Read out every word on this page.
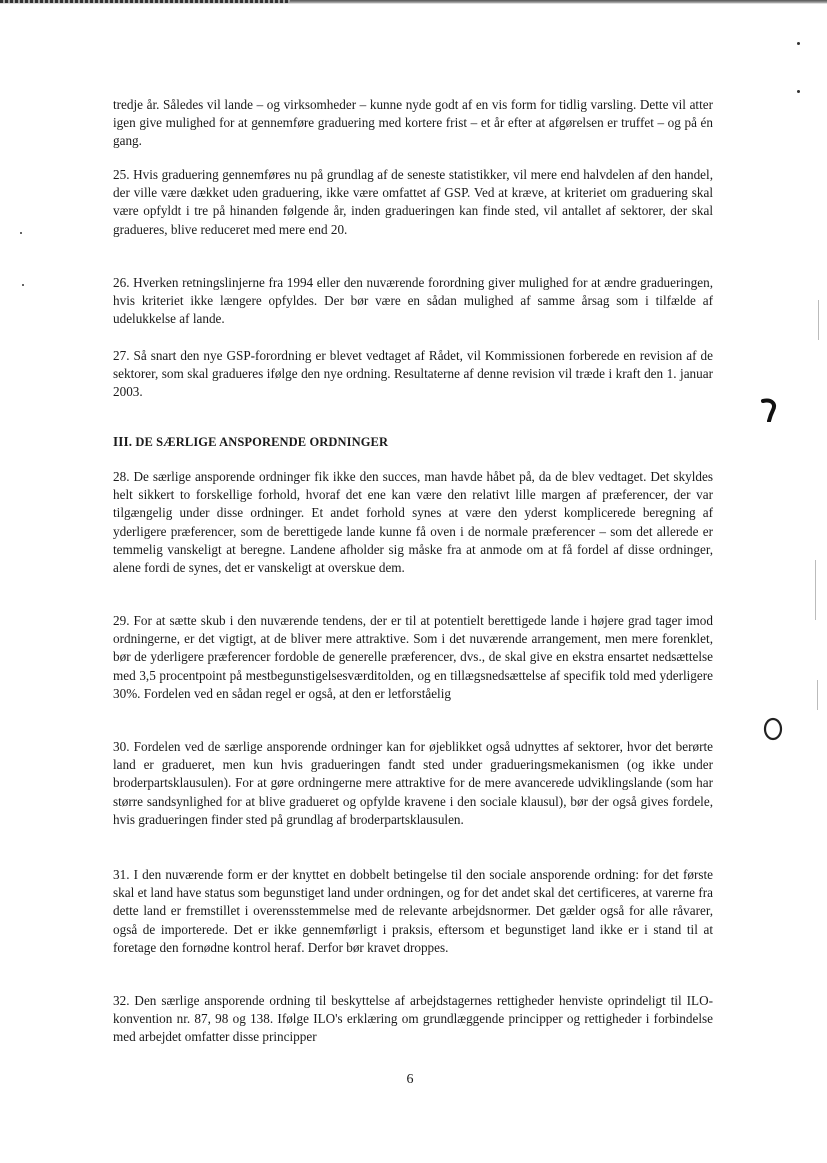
tredje år. Således vil lande – og virksomheder – kunne nyde godt af en vis form for tidlig varsling. Dette vil atter igen give mulighed for at gennemføre graduering med kortere frist – et år efter at afgørelsen er truffet – og på én gang.

25. Hvis graduering gennemføres nu på grundlag af de seneste statistikker, vil mere end halvdelen af den handel, der ville være dækket uden graduering, ikke være omfattet af GSP. Ved at kræve, at kriteriet om graduering skal være opfyldt i tre på hinanden følgende år, inden gradueringen kan finde sted, vil antallet af sektorer, der skal gradueres, blive reduceret med mere end 20.

26. Hverken retningslinjerne fra 1994 eller den nuværende forordning giver mulighed for at ændre gradueringen, hvis kriteriet ikke længere opfyldes. Der bør være en sådan mulighed af samme årsag som i tilfælde af udelukkelse af lande.

27. Så snart den nye GSP-forordning er blevet vedtaget af Rådet, vil Kommissionen forberede en revision af de sektorer, som skal gradueres ifølge den nye ordning. Resultaterne af denne revision vil træde i kraft den 1. januar 2003.

III. DE SÆRLIGE ANSPORENDE ORDNINGER

28. De særlige ansporende ordninger fik ikke den succes, man havde håbet på, da de blev vedtaget. Det skyldes helt sikkert to forskellige forhold, hvoraf det ene kan være den relativt lille margen af præferencer, der var tilgængelig under disse ordninger. Et andet forhold synes at være den yderst komplicerede beregning af yderligere præferencer, som de berettigede lande kunne få oven i de normale præferencer – som det allerede er temmelig vanskeligt at beregne. Landene afholder sig måske fra at anmode om at få fordel af disse ordninger, alene fordi de synes, det er vanskeligt at overskue dem.

29. For at sætte skub i den nuværende tendens, der er til at potentielt berettigede lande i højere grad tager imod ordningerne, er det vigtigt, at de bliver mere attraktive. Som i det nuværende arrangement, men mere forenklet, bør de yderligere præferencer fordoble de generelle præferencer, dvs., de skal give en ekstra ensartet nedsættelse med 3,5 procentpoint på mestbegunstigelsesværditolden, og en tillægsnedsættelse af specifik told med yderligere 30%. Fordelen ved en sådan regel er også, at den er letforståelig

30. Fordelen ved de særlige ansporende ordninger kan for øjeblikket også udnyttes af sektorer, hvor det berørte land er gradueret, men kun hvis gradueringen fandt sted under gradueringsmekanismen (og ikke under broderpartsklausulen). For at gøre ordningerne mere attraktive for de mere avancerede udviklingslande (som har større sandsynlighed for at blive gradueret og opfylde kravene i den sociale klausul), bør der også gives fordele, hvis gradueringen finder sted på grundlag af broderpartsklausulen.

31. I den nuværende form er der knyttet en dobbelt betingelse til den sociale ansporende ordning: for det første skal et land have status som begunstiget land under ordningen, og for det andet skal det certificeres, at varerne fra dette land er fremstillet i overensstemmelse med de relevante arbejdsnormer. Det gælder også for alle råvarer, også de importerede. Det er ikke gennemførligt i praksis, eftersom et begunstiget land ikke er i stand til at foretage den fornødne kontrol heraf. Derfor bør kravet droppes.

32. Den særlige ansporende ordning til beskyttelse af arbejdstagernes rettigheder henviste oprindeligt til ILO-konvention nr. 87, 98 og 138. Ifølge ILO's erklæring om grundlæggende principper og rettigheder i forbindelse med arbejdet omfatter disse principper

6
